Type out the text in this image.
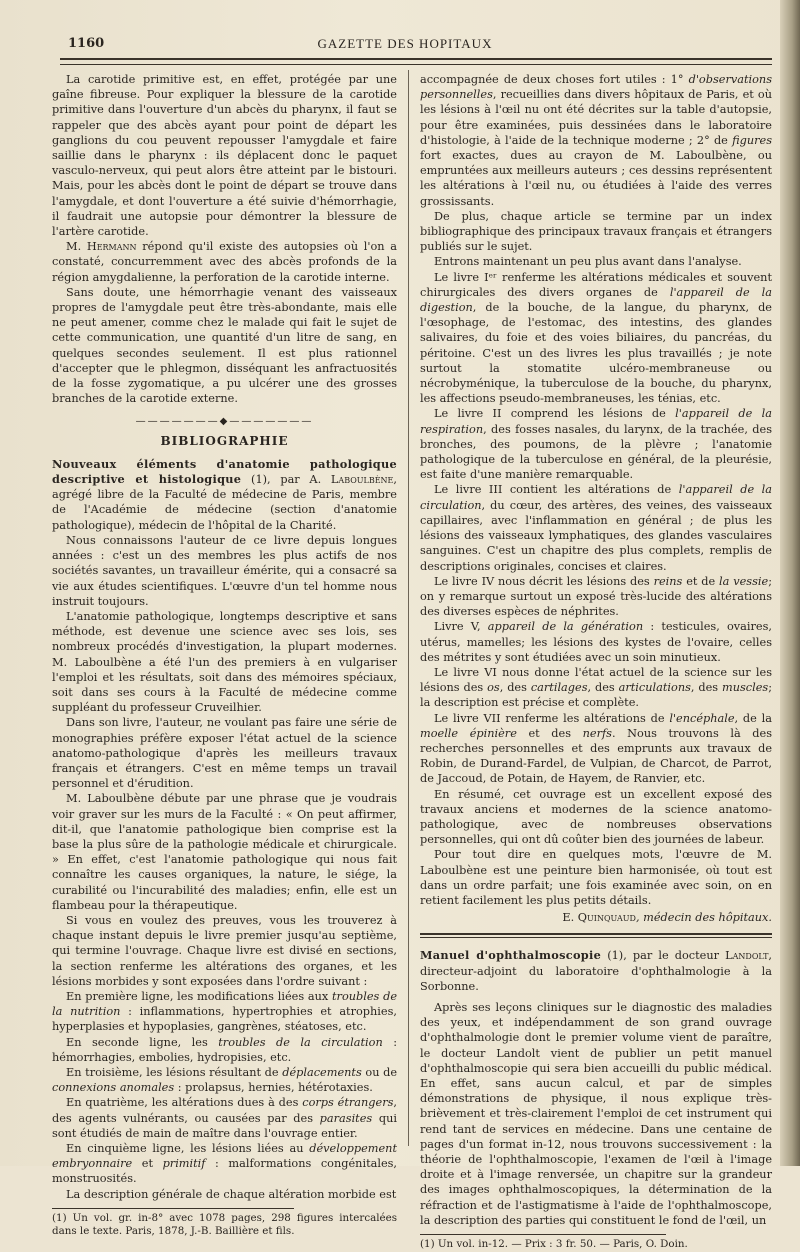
1160	GAZETTE DES HOPITAUX

La carotide primitive est, en effet, protégée par une gaîne fibreuse. Pour expliquer la blessure de la carotide primitive dans l'ouverture d'un abcès du pharynx, il faut se rappeler que des abcès ayant pour point de départ les ganglions du cou peuvent repousser l'amygdale et faire saillie dans le pharynx : ils déplacent donc le paquet vasculo-nerveux, qui peut alors être atteint par le bistouri. Mais, pour les abcès dont le point de départ se trouve dans l'amygdale, et dont l'ouverture a été suivie d'hémorrhagie, il faudrait une autopsie pour démontrer la blessure de l'artère carotide.

M. Hermann répond qu'il existe des autopsies où l'on a constaté, concurremment avec des abcès profonds de la région amygdalienne, la perforation de la carotide interne.

Sans doute, une hémorrhagie venant des vaisseaux propres de l'amygdale peut être très-abondante, mais elle ne peut amener, comme chez le malade qui fait le sujet de cette communication, une quantité d'un litre de sang, en quelques secondes seulement. Il est plus rationnel d'accepter que le phlegmon, disséquant les anfractuosités de la fosse zygomatique, a pu ulcérer une des grosses branches de la carotide externe.

———————◆———————
BIBLIOGRAPHIE

Nouveaux éléments d'anatomie pathologique descriptive et histologique (1), par A. Laboulbène, agrégé libre de la Faculté de médecine de Paris, membre de l'Académie de médecine (section d'anatomie pathologique), médecin de l'hôpital de la Charité.

Nous connaissons l'auteur de ce livre depuis longues années : c'est un des membres les plus actifs de nos sociétés savantes, un travailleur émérite, qui a consacré sa vie aux études scientifiques. L'œuvre d'un tel homme nous instruit toujours.

L'anatomie pathologique, longtemps descriptive et sans méthode, est devenue une science avec ses lois, ses nombreux procédés d'investigation, la plupart modernes. M. Laboulbène a été l'un des premiers à en vulgariser l'emploi et les résultats, soit dans des mémoires spéciaux, soit dans ses cours à la Faculté de médecine comme suppléant du professeur Cruveilhier.

Dans son livre, l'auteur, ne voulant pas faire une série de monographies préfère exposer l'état actuel de la science anatomo-pathologique d'après les meilleurs travaux français et étrangers. C'est en même temps un travail personnel et d'érudition.

M. Laboulbène débute par une phrase que je voudrais voir graver sur les murs de la Faculté : « On peut affirmer, dit-il, que l'anatomie pathologique bien comprise est la base la plus sûre de la pathologie médicale et chirurgicale. » En effet, c'est l'anatomie pathologique qui nous fait connaître les causes organiques, la nature, le siége, la curabilité ou l'incurabilité des maladies; enfin, elle est un flambeau pour la thérapeutique.

Si vous en voulez des preuves, vous les trouverez à chaque instant depuis le livre premier jusqu'au septième, qui termine l'ouvrage. Chaque livre est divisé en sections, la section renferme les altérations des organes, et les lésions morbides y sont exposées dans l'ordre suivant :

En première ligne, les modifications liées aux troubles de la nutrition : inflammations, hypertrophies et atrophies, hyperplasies et hypoplasies, gangrènes, stéatoses, etc.

En seconde ligne, les troubles de la circulation : hémorrhagies, embolies, hydropisies, etc.

En troisième, les lésions résultant de déplacements ou de connexions anomales : prolapsus, hernies, hétérotaxies.

En quatrième, les altérations dues à des corps étrangers, des agents vulnérants, ou causées par des parasites qui sont étudiés de main de maître dans l'ouvrage entier.

En cinquième ligne, les lésions liées au développement embryonnaire et primitif : malformations congénitales, monstruosités.

La description générale de chaque altération morbide est

(1) Un vol. gr. in-8° avec 1078 pages, 298 figures intercalées dans le texte. Paris, 1878, J.-B. Baillière et fils.

accompagnée de deux choses fort utiles : 1° d'observations personnelles, recueillies dans divers hôpitaux de Paris, et où les lésions à l'œil nu ont été décrites sur la table d'autopsie, pour être examinées, puis dessinées dans le laboratoire d'histologie, à l'aide de la technique moderne ; 2° de figures fort exactes, dues au crayon de M. Laboulbène, ou empruntées aux meilleurs auteurs ; ces dessins représentent les altérations à l'œil nu, ou étudiées à l'aide des verres grossissants.

De plus, chaque article se termine par un index bibliographique des principaux travaux français et étrangers publiés sur le sujet.

Entrons maintenant un peu plus avant dans l'analyse.

Le livre Iᵉʳ renferme les altérations médicales et souvent chirurgicales des divers organes de l'appareil de la digestion, de la bouche, de la langue, du pharynx, de l'œsophage, de l'estomac, des intestins, des glandes salivaires, du foie et des voies biliaires, du pancréas, du péritoine. C'est un des livres les plus travaillés ; je note surtout la stomatite ulcéro-membraneuse ou nécrobyménique, la tuberculose de la bouche, du pharynx, les affections pseudo-membraneuses, les ténias, etc.

Le livre II comprend les lésions de l'appareil de la respiration, des fosses nasales, du larynx, de la trachée, des bronches, des poumons, de la plèvre ; l'anatomie pathologique de la tuberculose en général, de la pleurésie, est faite d'une manière remarquable.

Le livre III contient les altérations de l'appareil de la circulation, du cœur, des artères, des veines, des vaisseaux capillaires, avec l'inflammation en général ; de plus les lésions des vaisseaux lymphatiques, des glandes vasculaires sanguines. C'est un chapitre des plus complets, remplis de descriptions originales, concises et claires.

Le livre IV nous décrit les lésions des reins et de la vessie; on y remarque surtout un exposé très-lucide des altérations des diverses espèces de néphrites.

Livre V, appareil de la génération : testicules, ovaires, utérus, mamelles; les lésions des kystes de l'ovaire, celles des métrites y sont étudiées avec un soin minutieux.

Le livre VI nous donne l'état actuel de la science sur les lésions des os, des cartilages, des articulations, des muscles; la description est précise et complète.

Le livre VII renferme les altérations de l'encéphale, de la moelle épinière et des nerfs. Nous trouvons là des recherches personnelles et des emprunts aux travaux de Robin, de Durand-Fardel, de Vulpian, de Charcot, de Parrot, de Jaccoud, de Potain, de Hayem, de Ranvier, etc.

En résumé, cet ouvrage est un excellent exposé des travaux anciens et modernes de la science anatomo-pathologique, avec de nombreuses observations personnelles, qui ont dû coûter bien des journées de labeur.

Pour tout dire en quelques mots, l'œuvre de M. Laboulbène est une peinture bien harmonisée, où tout est dans un ordre parfait; une fois examinée avec soin, on en retient facilement les plus petits détails.

E. Quinquaud, médecin des hôpitaux.

Manuel d'ophthalmoscopie (1), par le docteur Landolt, directeur-adjoint du laboratoire d'ophthalmologie à la Sorbonne.

Après ses leçons cliniques sur le diagnostic des maladies des yeux, et indépendamment de son grand ouvrage d'ophthalmologie dont le premier volume vient de paraître, le docteur Landolt vient de publier un petit manuel d'ophthalmoscopie qui sera bien accueilli du public médical. En effet, sans aucun calcul, et par de simples démonstrations de physique, il nous explique très-brièvement et très-clairement l'emploi de cet instrument qui rend tant de services en médecine. Dans une centaine de pages d'un format in-12, nous trouvons successivement : la théorie de l'ophthalmoscopie, l'examen de l'œil à l'image droite et à l'image renversée, un chapitre sur la grandeur des images ophthalmoscopiques, la détermination de la réfraction et de l'astigmatisme à l'aide de l'ophthalmoscope, la description des parties qui constituent le fond de l'œil, un

(1) Un vol. in-12. — Prix : 3 fr. 50. — Paris, O. Doin.
